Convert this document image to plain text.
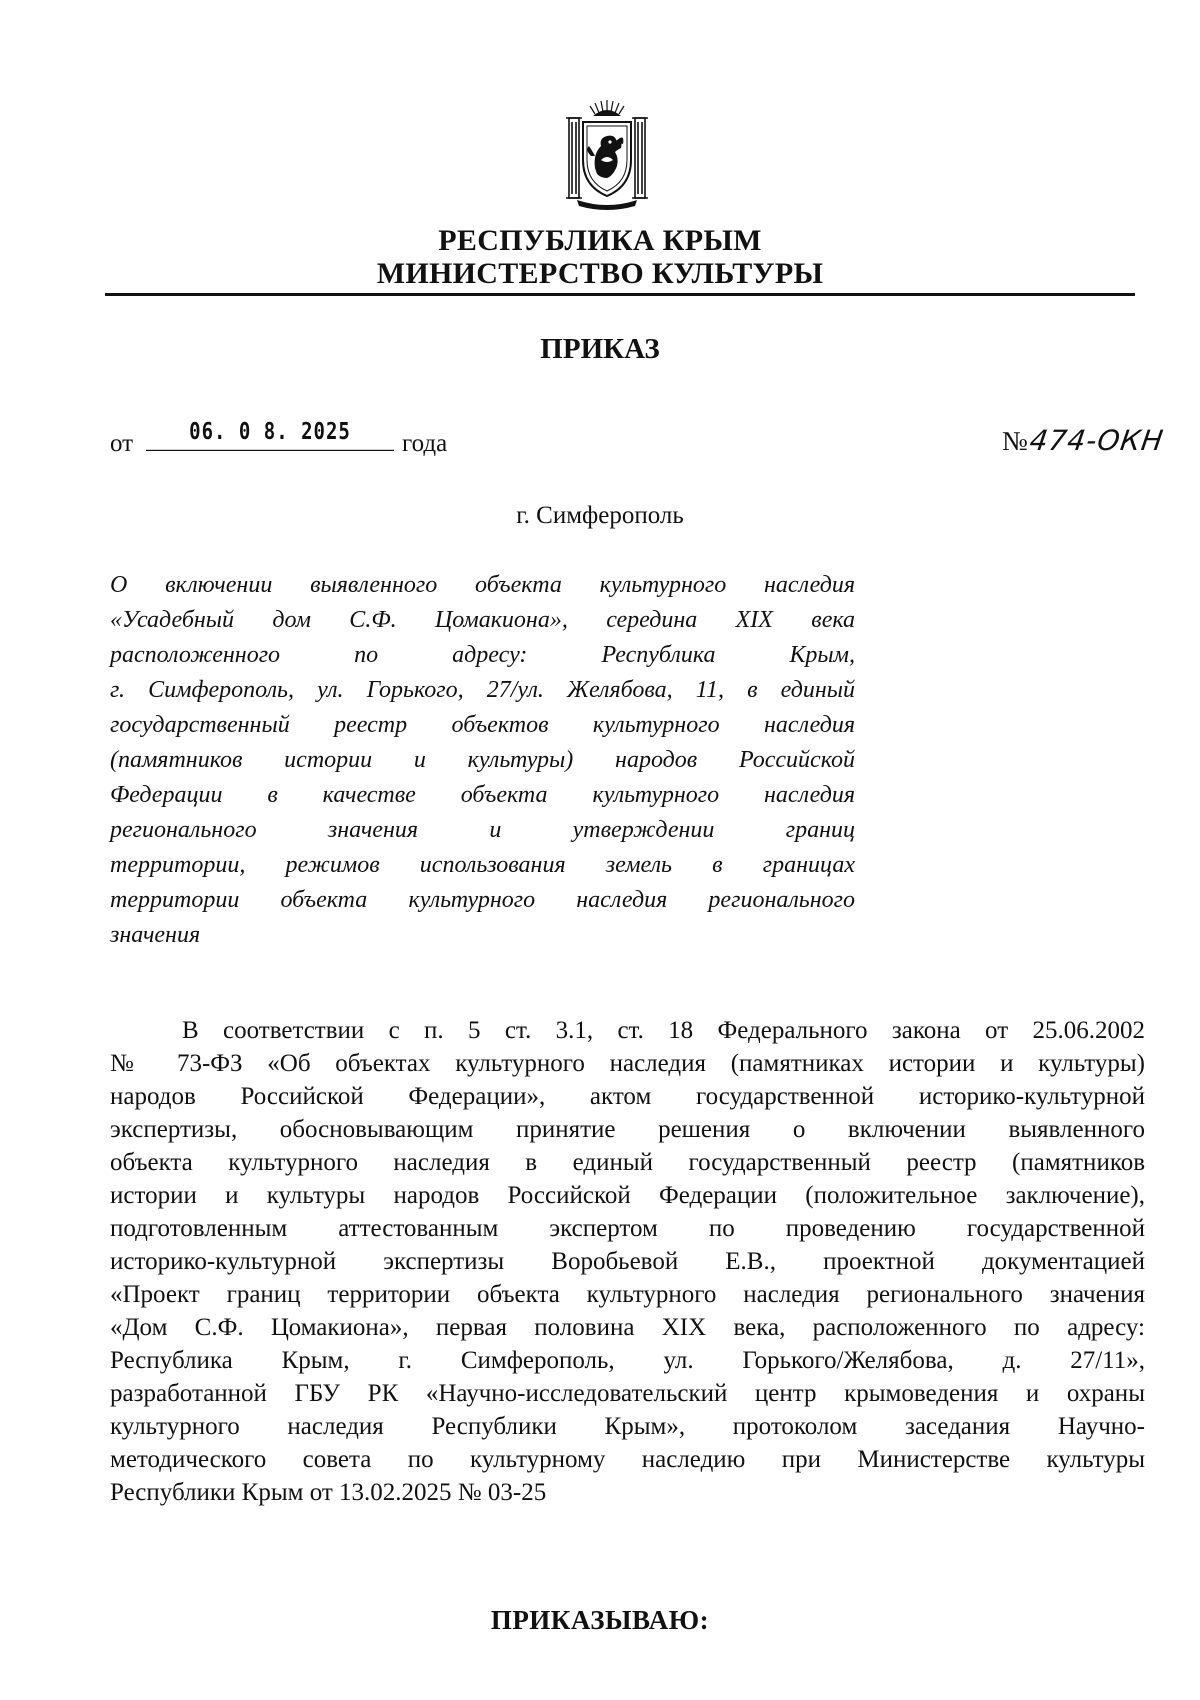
РЕСПУБЛИКА КРЫМ
МИНИСТЕРСТВО КУЛЬТУРЫ
ПРИКАЗ
от	06. 0 8. 2025	года	№474-ОКН
г. Симферополь
О включении выявленного объекта культурного наследия
«Усадебный дом С.Ф. Цомакиона», середина XIX века
расположенного по адресу: Республика Крым,
г. Симферополь, ул. Горького, 27/ул. Желябова, 11, в единый
государственный реестр объектов культурного наследия
(памятников истории и культуры) народов Российской
Федерации в качестве объекта культурного наследия
регионального значения и утверждении границ
территории, режимов использования земель в границах
территории объекта культурного наследия регионального
значения
В соответствии с п. 5 ст. 3.1, ст. 18 Федерального закона от 25.06.2002
№ 73-ФЗ «Об объектах культурного наследия (памятниках истории и культуры)
народов Российской Федерации», актом государственной историко-культурной
экспертизы, обосновывающим принятие решения о включении выявленного
объекта культурного наследия в единый государственный реестр (памятников
истории и культуры народов Российской Федерации (положительное заключение),
подготовленным аттестованным экспертом по проведению государственной
историко-культурной экспертизы Воробьевой Е.В., проектной документацией
«Проект границ территории объекта культурного наследия регионального значения
«Дом С.Ф. Цомакиона», первая половина XIX века, расположенного по адресу:
Республика Крым, г. Симферополь, ул. Горького/Желябова, д. 27/11»,
разработанной ГБУ РК «Научно-исследовательский центр крымоведения и охраны
культурного наследия Республики Крым», протоколом заседания Научно-
методического совета по культурному наследию при Министерстве культуры
Республики Крым от 13.02.2025 № 03-25
ПРИКАЗЫВАЮ:
